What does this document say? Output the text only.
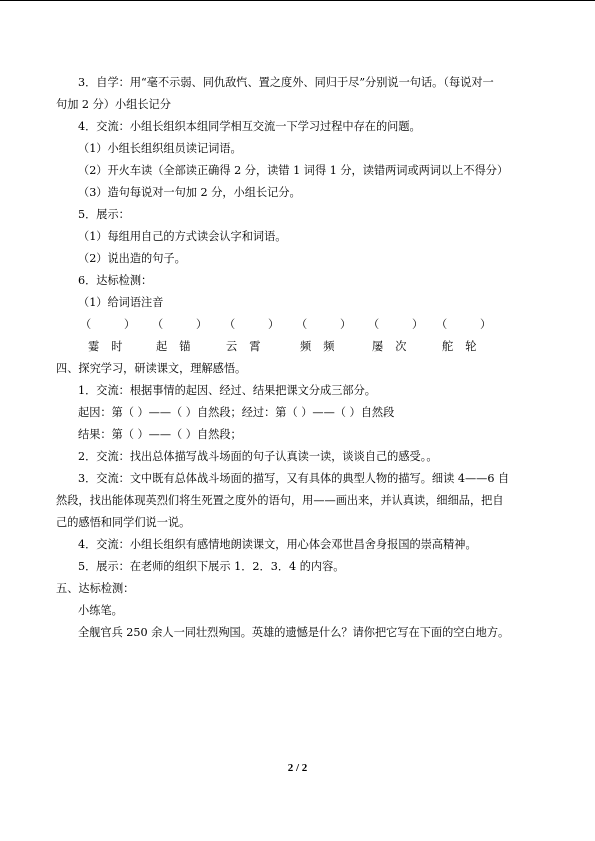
3．自学：用“毫不示弱、同仇敌忾、置之度外、同归于尽”分别说一句话。（每说对一
句加 2 分）小组长记分
4．交流：小组长组织本组同学相互交流一下学习过程中存在的问题。
（1）小组长组织组员读记词语。
（2）开火车读（全部读正确得 2 分，读错 1 词得 1 分，读错两词或两词以上不得分）
（3）造句每说对一句加 2 分，小组长记分。
5．展示：
（1）每组用自己的方式读会认字和词语。
（2）说出造的句子。
6．达标检测：
（1）给词语注音
（	） （	） （	） （	） （	） （	）
霎时 起锚 云霄 频频 屡次 舵轮
四、探究学习，研读课文，理解感悟。
1．交流：根据事情的起因、经过、结果把课文分成三部分。
起因：第（ ）——（ ）自然段；经过：第（ ）——（ ）自然段
结果：第（ ）——（ ）自然段；
2．交流：找出总体描写战斗场面的句子认真读一读，谈谈自己的感受。。
3．交流：文中既有总体战斗场面的描写，又有具体的典型人物的描写。细读 4——6 自
然段，找出能体现英烈们将生死置之度外的语句，用——画出来，并认真读，细细品，把自
己的感悟和同学们说一说。
4．交流：小组长组织有感情地朗读课文，用心体会邓世昌舍身报国的崇高精神。
5．展示：在老师的组织下展示 1．2．3．4 的内容。
五、达标检测：
小练笔。
全舰官兵 250 余人一同壮烈殉国。英雄的遗憾是什么？请你把它写在下面的空白地方。
2 / 2
